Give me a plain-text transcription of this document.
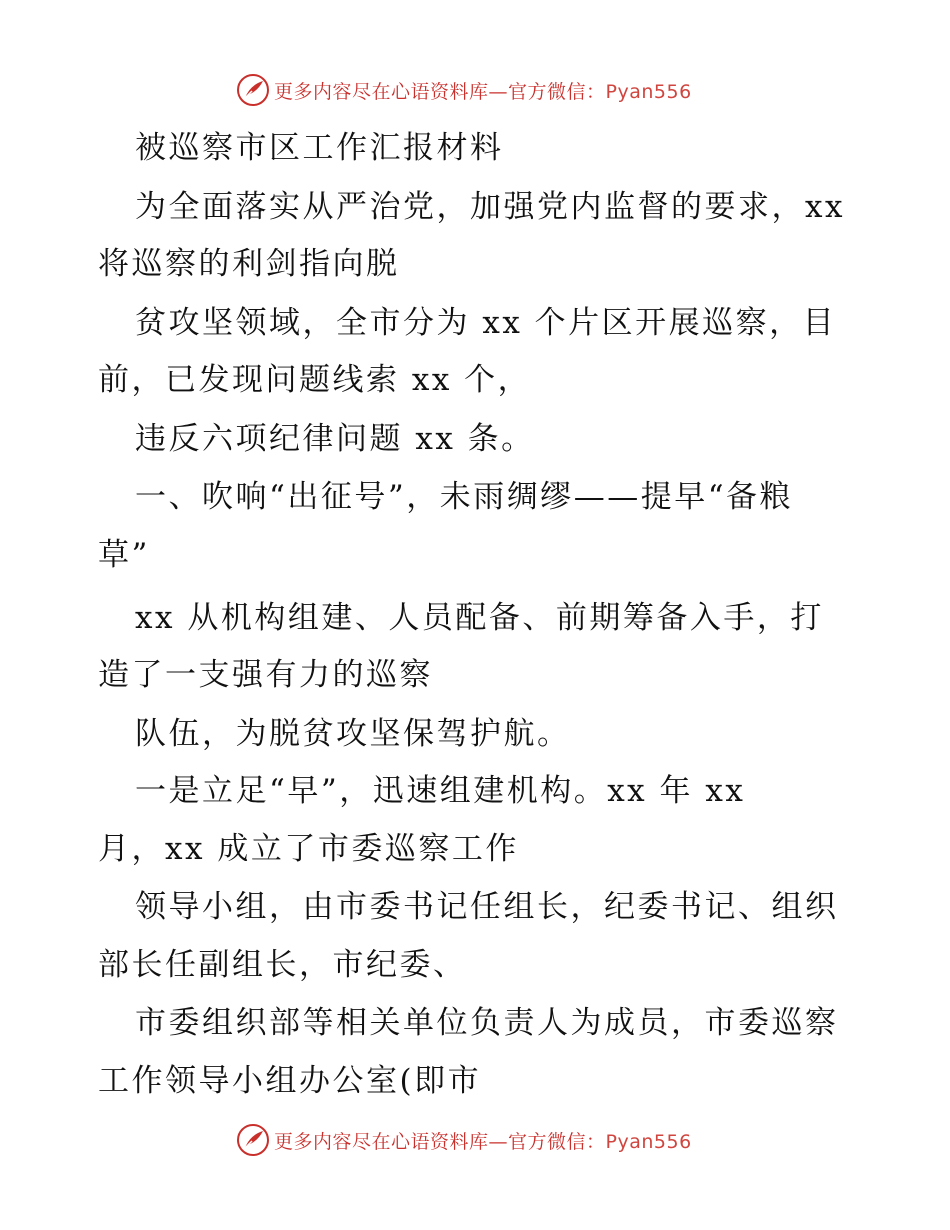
更多内容尽在心语资料库—官方微信：Pyan556
被巡察市区工作汇报材料
为全面落实从严治党，加强党内监督的要求，xx
将巡察的利剑指向脱
贫攻坚领域，全市分为 xx 个片区开展巡察，目
前，已发现问题线索 xx 个，
违反六项纪律问题 xx 条。
一、吹响“出征号”，未雨绸缪——提早“备粮
草”
xx 从机构组建、人员配备、前期筹备入手，打
造了一支强有力的巡察
队伍，为脱贫攻坚保驾护航。
一是立足“早”，迅速组建机构。xx 年 xx
月，xx 成立了市委巡察工作
领导小组，由市委书记任组长，纪委书记、组织
部长任副组长，市纪委、
市委组织部等相关单位负责人为成员，市委巡察
工作领导小组办公室(即市
更多内容尽在心语资料库—官方微信：Pyan556
